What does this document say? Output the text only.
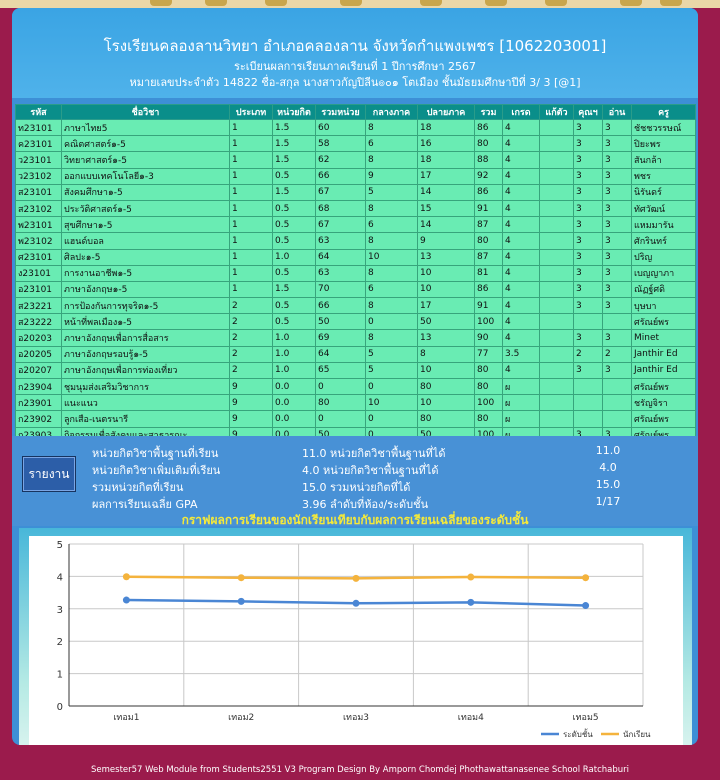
โรงเรียนคลองลานวิทยา อำเภอคลองลาน จังหวัดกำแพงเพชร [1062203001]
ระเบียนผลการเรียนภาคเรียนที่ 1 ปีการศึกษา 2567
หมายเลขประจำตัว 14822 ชื่อ-สกุล นางสาวกัญปิลีน๏๐๑ โตเมือง ชั้นมัธยมศึกษาปีที่ 3/ 3 [@1]
รหัส	ชื่อวิชา	ประเภท	หน่วยกิต	รวมหน่วย	กลางภาค	ปลายภาค	รวม	เกรด	แก้ตัว	คุณฯ	อ่าน	ครู
ท23101	ภาษาไทย5	1	1.5	60	8	18	86	4		3	3	ชัชชวรรษณ์
ค23101	คณิตศาสตร์๑-5	1	1.5	58	6	16	80	4		3	3	ปิยะพร
ว23101	วิทยาศาสตร์๑-5	1	1.5	62	8	18	88	4		3	3	สันกล้า
ว23102	ออกแบบเทคโนโลยี๑-3	1	0.5	66	9	17	92	4		3	3	พชร
ส23101	สังคมศึกษา๑-5	1	1.5	67	5	14	86	4		3	3	นิรันดร์
ส23102	ประวัติศาสตร์๑-5	1	0.5	68	8	15	91	4		3	3	ทัศวัฒน์
พ23101	สุขศึกษา๑-5	1	0.5	67	6	14	87	4		3	3	แหมมารัน
พ23102	แฮนด์บอล	1	0.5	63	8	9	80	4		3	3	ศักรินทร์
ศ23101	ศิลปะ๑-5	1	1.0	64	10	13	87	4		3	3	ปริญ
ง23101	การงานอาชีพ๑-5	1	0.5	63	8	10	81	4		3	3	เบญญาภา
อ23101	ภาษาอังกฤษ๑-5	1	1.5	70	6	10	86	4		3	3	ณัฏฐ์ศดิ
ส23221	การป้องกันการทุจริต๑-5	2	0.5	66	8	17	91	4		3	3	บุษบา
ส23222	หน้าที่พลเมือง๑-5	2	0.5	50	0	50	100	4				ศรัณย์พร
อ20203	ภาษาอังกฤษเพื่อการสื่อสาร	2	1.0	69	8	13	90	4		3	3	Minet
อ20205	ภาษาอังกฤษรอบรู้๑-5	2	1.0	64	5	8	77	3.5		2	2	Janthir Ed
อ20207	ภาษาอังกฤษเพื่อการท่องเที่ยว	2	1.0	65	5	10	80	4		3	3	Janthir Ed
ก23904	ชุมนุมส่งเสริมวิชาการ	9	0.0	0	0	80	80	ผ				ศรัณย์พร
ก23901	แนะแนว	9	0.0	80	10	10	100	ผ				ชรัญจิรา
ก23902	ลูกเสือ-เนตรนารี	9	0.0	0	0	80	80	ผ				ศรัณย์พร

รายงาน
หน่วยกิตวิชาพื้นฐานที่เรียน	11.0 หน่วยกิตวิชาพื้นฐานที่ได้	11.0
หน่วยกิตวิชาเพิ่มเติมที่เรียน	4.0 หน่วยกิตวิชาพื้นฐานที่ได้	4.0
รวมหน่วยกิตที่เรียน	15.0 รวมหน่วยกิตที่ได้	15.0
ผลการเรียนเฉลี่ย GPA	3.96 ลำดับที่ห้อง/ระดับชั้น	1/17
กราฟผลการเรียนของนักเรียนเทียบกับผลการเรียนเฉลี่ยของระดับชั้น
0
1
2
3
4
5
เทอม1	เทอม2	เทอม3	เทอม4	เทอม5
ระดับชั้น	นักเรียน
Semester57 Web Module from Students2551 V3 Program Design By Amporn Chomdej Phothawattanasenee School Ratchaburi
